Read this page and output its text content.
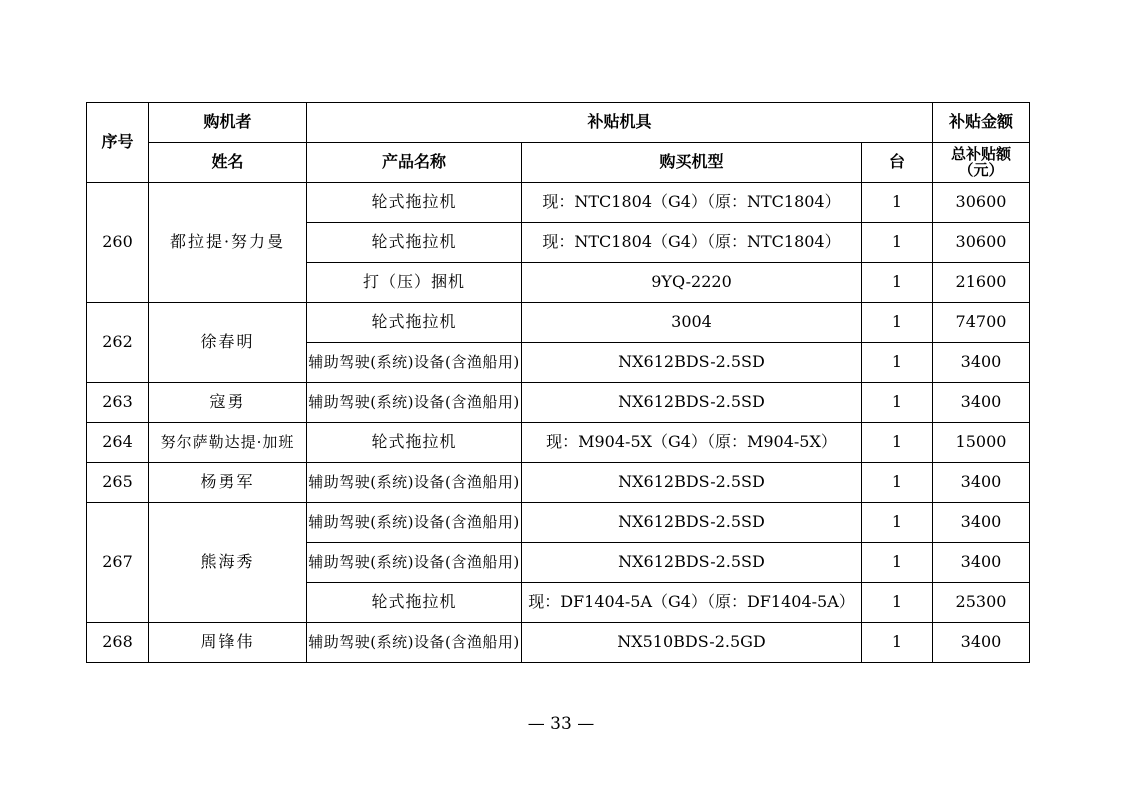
序号	购机者	补贴机具			补贴金额
	姓名	产品名称	购买机型	台	总补贴额（元）
260	都拉提·努力曼	轮式拖拉机	现：NTC1804（G4）（原：NTC1804）	1	30600
		轮式拖拉机	现：NTC1804（G4）（原：NTC1804）	1	30600
		打（压）捆机	9YQ-2220	1	21600
262	徐春明	轮式拖拉机	3004	1	74700
		辅助驾驶(系统)设备(含渔船用)	NX612BDS-2.5SD	1	3400
263	寇勇	辅助驾驶(系统)设备(含渔船用)	NX612BDS-2.5SD	1	3400
264	努尔萨勒达提·加班	轮式拖拉机	现：M904-5X（G4）（原：M904-5X）	1	15000
265	杨勇军	辅助驾驶(系统)设备(含渔船用)	NX612BDS-2.5SD	1	3400
267	熊海秀	辅助驾驶(系统)设备(含渔船用)	NX612BDS-2.5SD	1	3400
		辅助驾驶(系统)设备(含渔船用)	NX612BDS-2.5SD	1	3400
		轮式拖拉机	现：DF1404-5A（G4）（原：DF1404-5A）	1	25300
268	周锋伟	辅助驾驶(系统)设备(含渔船用)	NX510BDS-2.5GD	1	3400
— 33 —
